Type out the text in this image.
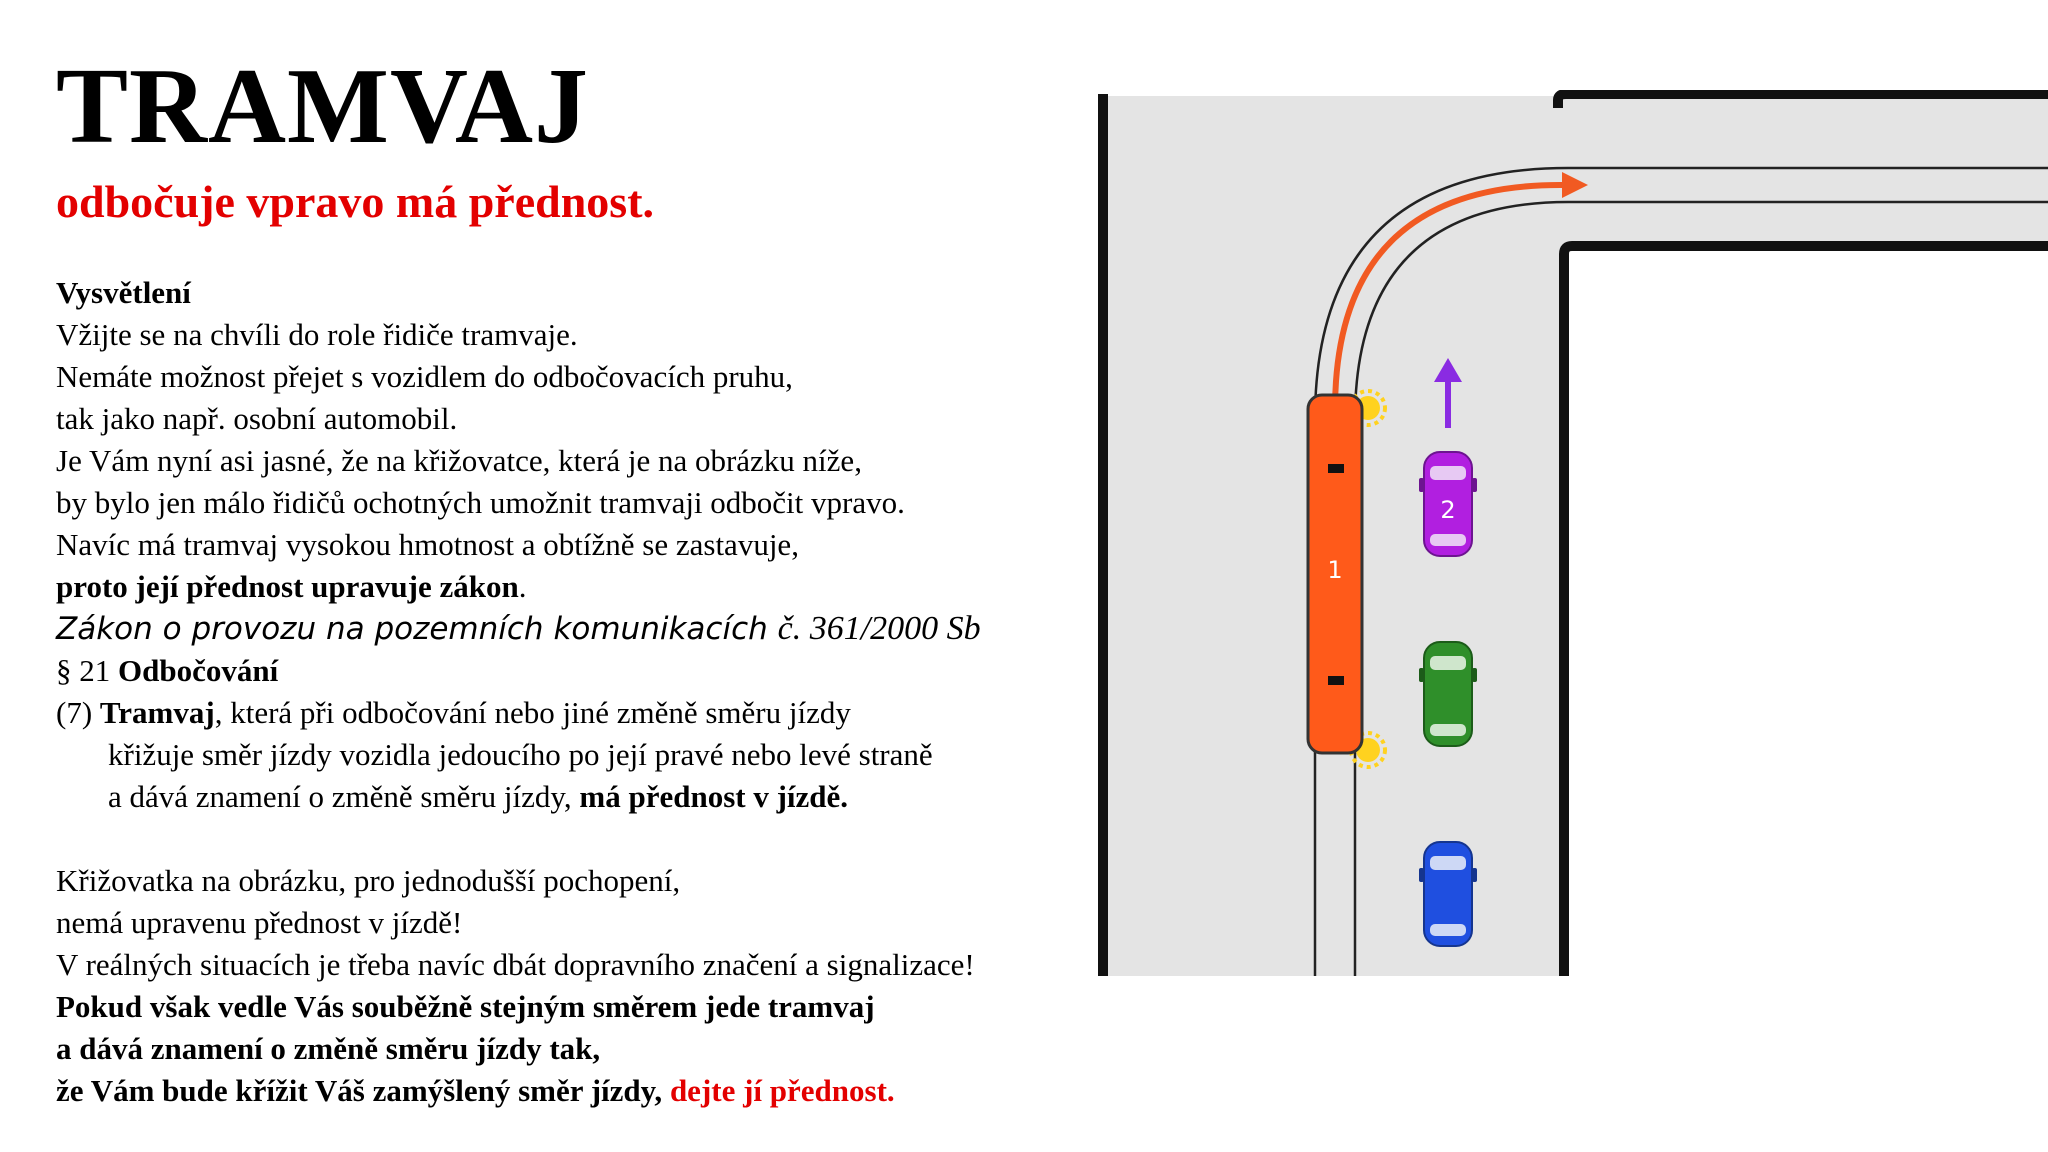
TRAMVAJ
odbočuje vpravo má přednost.
Vysvětlení
Vžijte se na chvíli do role řidiče tramvaje.
Nemáte možnost přejet s vozidlem do odbočovacích pruhu,
tak jako např. osobní automobil.
Je Vám nyní asi jasné, že na křižovatce, která je na obrázku níže,
by bylo jen málo řidičů ochotných umožnit tramvaji odbočit vpravo.
Navíc má tramvaj vysokou hmotnost a obtížně se zastavuje,
proto její přednost upravuje zákon.
Zákon o provozu na pozemních komunikacích č. 361/2000 Sb
§ 21 Odbočování
(7) Tramvaj, která při odbočování nebo jiné změně směru jízdy
křižuje směr jízdy vozidla jedoucího po její pravé nebo levé straně
a dává znamení o změně směru jízdy, má přednost v jízdě.
Křižovatka na obrázku, pro jednodušší pochopení,
nemá upravenu přednost v jízdě!
V reálných situacích je třeba navíc dbát dopravního značení a signalizace!
Pokud však vedle Vás souběžně stejným směrem jede tramvaj
a dává znamení o změně směru jízdy tak,
že Vám bude křížit Váš zamýšlený směr jízdy, dejte jí přednost.
1
2
